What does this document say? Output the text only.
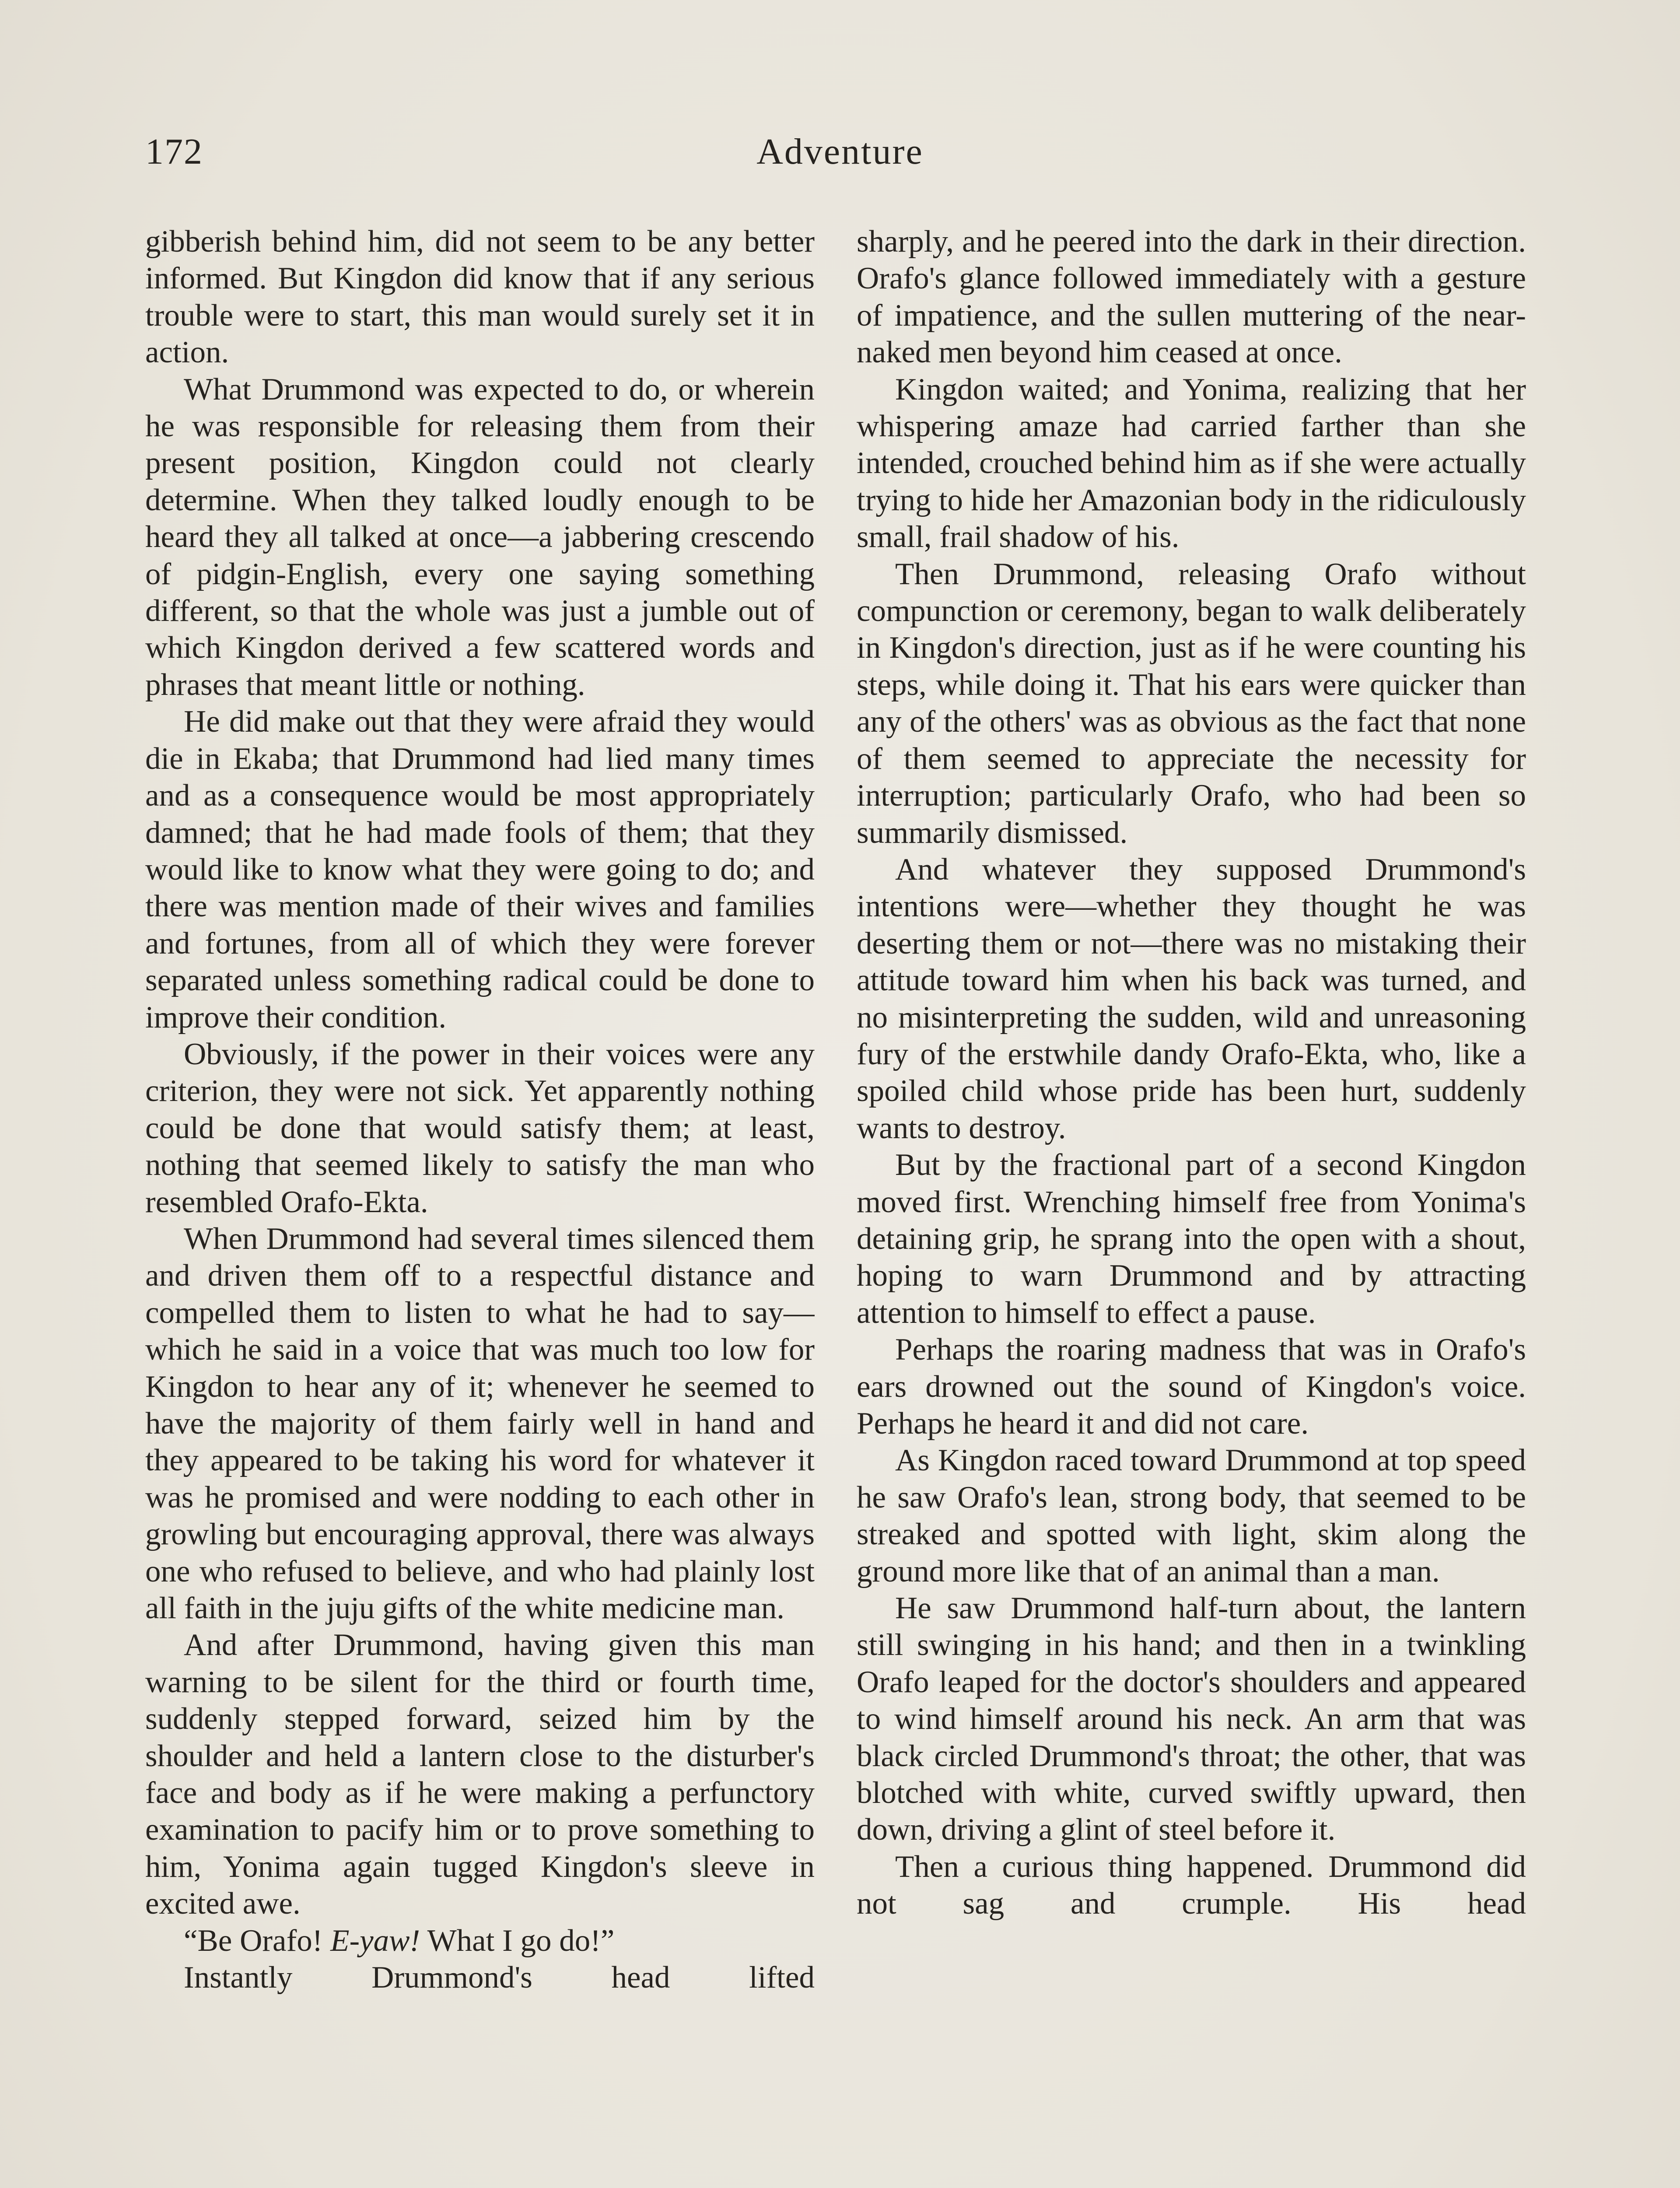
172	Adventure

gibberish behind him, did not seem to be any better informed. But Kingdon did know that if any serious trouble were to start, this man would surely set it in action.

What Drummond was expected to do, or wherein he was responsible for releasing them from their present position, Kingdon could not clearly determine. When they talked loudly enough to be heard they all talked at once—a jabbering crescendo of pidgin-English, every one saying something different, so that the whole was just a jumble out of which Kingdon derived a few scattered words and phrases that meant little or nothing.

He did make out that they were afraid they would die in Ekaba; that Drummond had lied many times and as a consequence would be most appropriately damned; that he had made fools of them; that they would like to know what they were going to do; and there was mention made of their wives and families and fortunes, from all of which they were forever separated unless something radical could be done to improve their condition.

Obviously, if the power in their voices were any criterion, they were not sick. Yet apparently nothing could be done that would satisfy them; at least, nothing that seemed likely to satisfy the man who resembled Orafo-Ekta.

When Drummond had several times silenced them and driven them off to a respectful distance and compelled them to listen to what he had to say—which he said in a voice that was much too low for Kingdon to hear any of it; whenever he seemed to have the majority of them fairly well in hand and they appeared to be taking his word for whatever it was he promised and were nodding to each other in growling but encouraging approval, there was always one who refused to believe, and who had plainly lost all faith in the juju gifts of the white medicine man.

And after Drummond, having given this man warning to be silent for the third or fourth time, suddenly stepped forward, seized him by the shoulder and held a lantern close to the disturber's face and body as if he were making a perfunctory examination to pacify him or to prove something to him, Yonima again tugged Kingdon's sleeve in excited awe.

“Be Orafo! E-yaw! What I go do!”

Instantly Drummond's head lifted

sharply, and he peered into the dark in their direction. Orafo's glance followed immediately with a gesture of impatience, and the sullen muttering of the near-naked men beyond him ceased at once.

Kingdon waited; and Yonima, realizing that her whispering amaze had carried farther than she intended, crouched behind him as if she were actually trying to hide her Amazonian body in the ridiculously small, frail shadow of his.

Then Drummond, releasing Orafo without compunction or ceremony, began to walk deliberately in Kingdon's direction, just as if he were counting his steps, while doing it. That his ears were quicker than any of the others' was as obvious as the fact that none of them seemed to appreciate the necessity for interruption; particularly Orafo, who had been so summarily dismissed.

And whatever they supposed Drummond's intentions were—whether they thought he was deserting them or not—there was no mistaking their attitude toward him when his back was turned, and no misinterpreting the sudden, wild and unreasoning fury of the erstwhile dandy Orafo-Ekta, who, like a spoiled child whose pride has been hurt, suddenly wants to destroy.

But by the fractional part of a second Kingdon moved first. Wrenching himself free from Yonima's detaining grip, he sprang into the open with a shout, hoping to warn Drummond and by attracting attention to himself to effect a pause.

Perhaps the roaring madness that was in Orafo's ears drowned out the sound of Kingdon's voice. Perhaps he heard it and did not care.

As Kingdon raced toward Drummond at top speed he saw Orafo's lean, strong body, that seemed to be streaked and spotted with light, skim along the ground more like that of an animal than a man.

He saw Drummond half-turn about, the lantern still swinging in his hand; and then in a twinkling Orafo leaped for the doctor's shoulders and appeared to wind himself around his neck. An arm that was black circled Drummond's throat; the other, that was blotched with white, curved swiftly upward, then down, driving a glint of steel before it.

Then a curious thing happened. Drummond did not sag and crumple. His head
